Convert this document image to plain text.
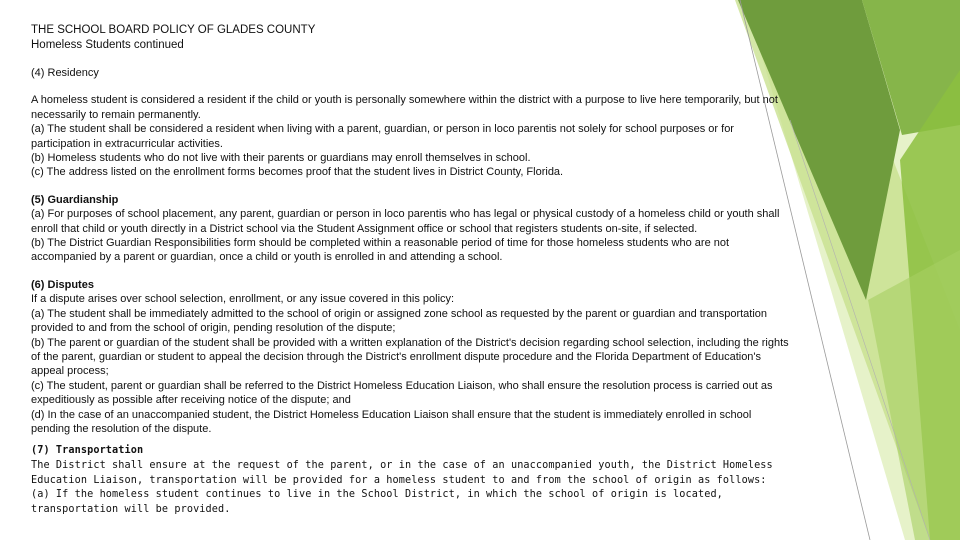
THE SCHOOL BOARD POLICY OF GLADES COUNTY

Homeless Students continued

(4) Residency

A homeless student is considered a resident if the child or youth is personally somewhere within the district with a purpose to live here temporarily, but not necessarily to remain permanently.

(a) The student shall be considered a resident when living with a parent, guardian, or person in loco parentis not solely for school purposes or for participation in extracurricular activities.

(b) Homeless students who do not live with their parents or guardians may enroll themselves in school.

(c) The address listed on the enrollment forms becomes proof that the student lives in District County, Florida.

(5) Guardianship

(a) For purposes of school placement, any parent, guardian or person in loco parentis who has legal or physical custody of a homeless child or youth shall enroll that child or youth directly in a District school via the Student Assignment office or school that registers students on-site, if selected.

(b) The District Guardian Responsibilities form should be completed within a reasonable period of time for those homeless students who are not accompanied by a parent or guardian, once a child or youth is enrolled in and attending a school.

(6) Disputes

If a dispute arises over school selection, enrollment, or any issue covered in this policy:

(a) The student shall be immediately admitted to the school of origin or assigned zone school as requested by the parent or guardian and transportation provided to and from the school of origin, pending resolution of the dispute;

(b) The parent or guardian of the student shall be provided with a written explanation of the District's decision regarding school selection, including the rights of the parent, guardian or student to appeal the decision through the District's enrollment dispute procedure and the Florida Department of Education's appeal process;

(c) The student, parent or guardian shall be referred to the District Homeless Education Liaison, who shall ensure the resolution process is carried out as expeditiously as possible after receiving notice of the dispute; and

(d) In the case of an unaccompanied student, the District Homeless Education Liaison shall ensure that the student is immediately enrolled in school pending the resolution of the dispute.

(7) Transportation

The District shall ensure at the request of the parent, or in the case of an unaccompanied youth, the District Homeless Education Liaison, transportation will be provided for a homeless student to and from the school of origin as follows:

(a) If the homeless student continues to live in the School District, in which the school of origin is located, transportation will be provided.
